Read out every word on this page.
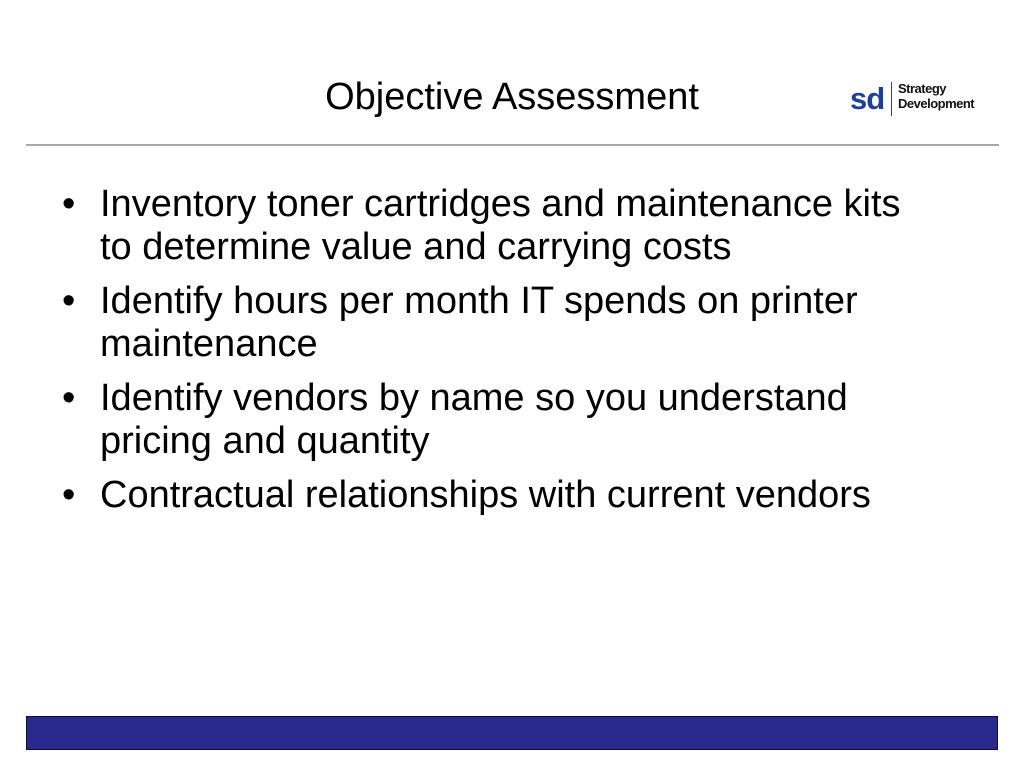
Objective Assessment	sd Strategy
Development
• Inventory toner cartridges and maintenance kits to determine value and carrying costs
• Identify hours per month IT spends on printer maintenance
• Identify vendors by name so you understand pricing and quantity
• Contractual relationships with current vendors
